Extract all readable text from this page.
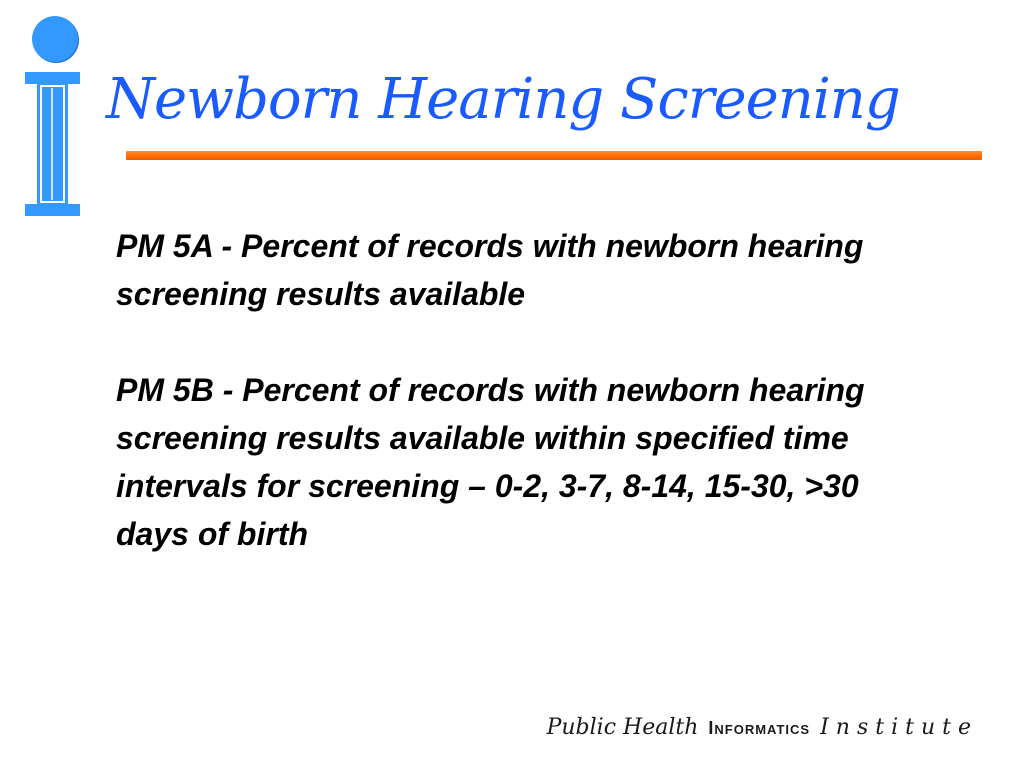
Newborn Hearing Screening

PM 5A - Percent of records with newborn hearing screening results available

PM 5B - Percent of records with newborn hearing screening results available within specified time intervals for screening – 0-2, 3-7, 8-14, 15-30, >30 days of birth

Public Health Informatics Institute
